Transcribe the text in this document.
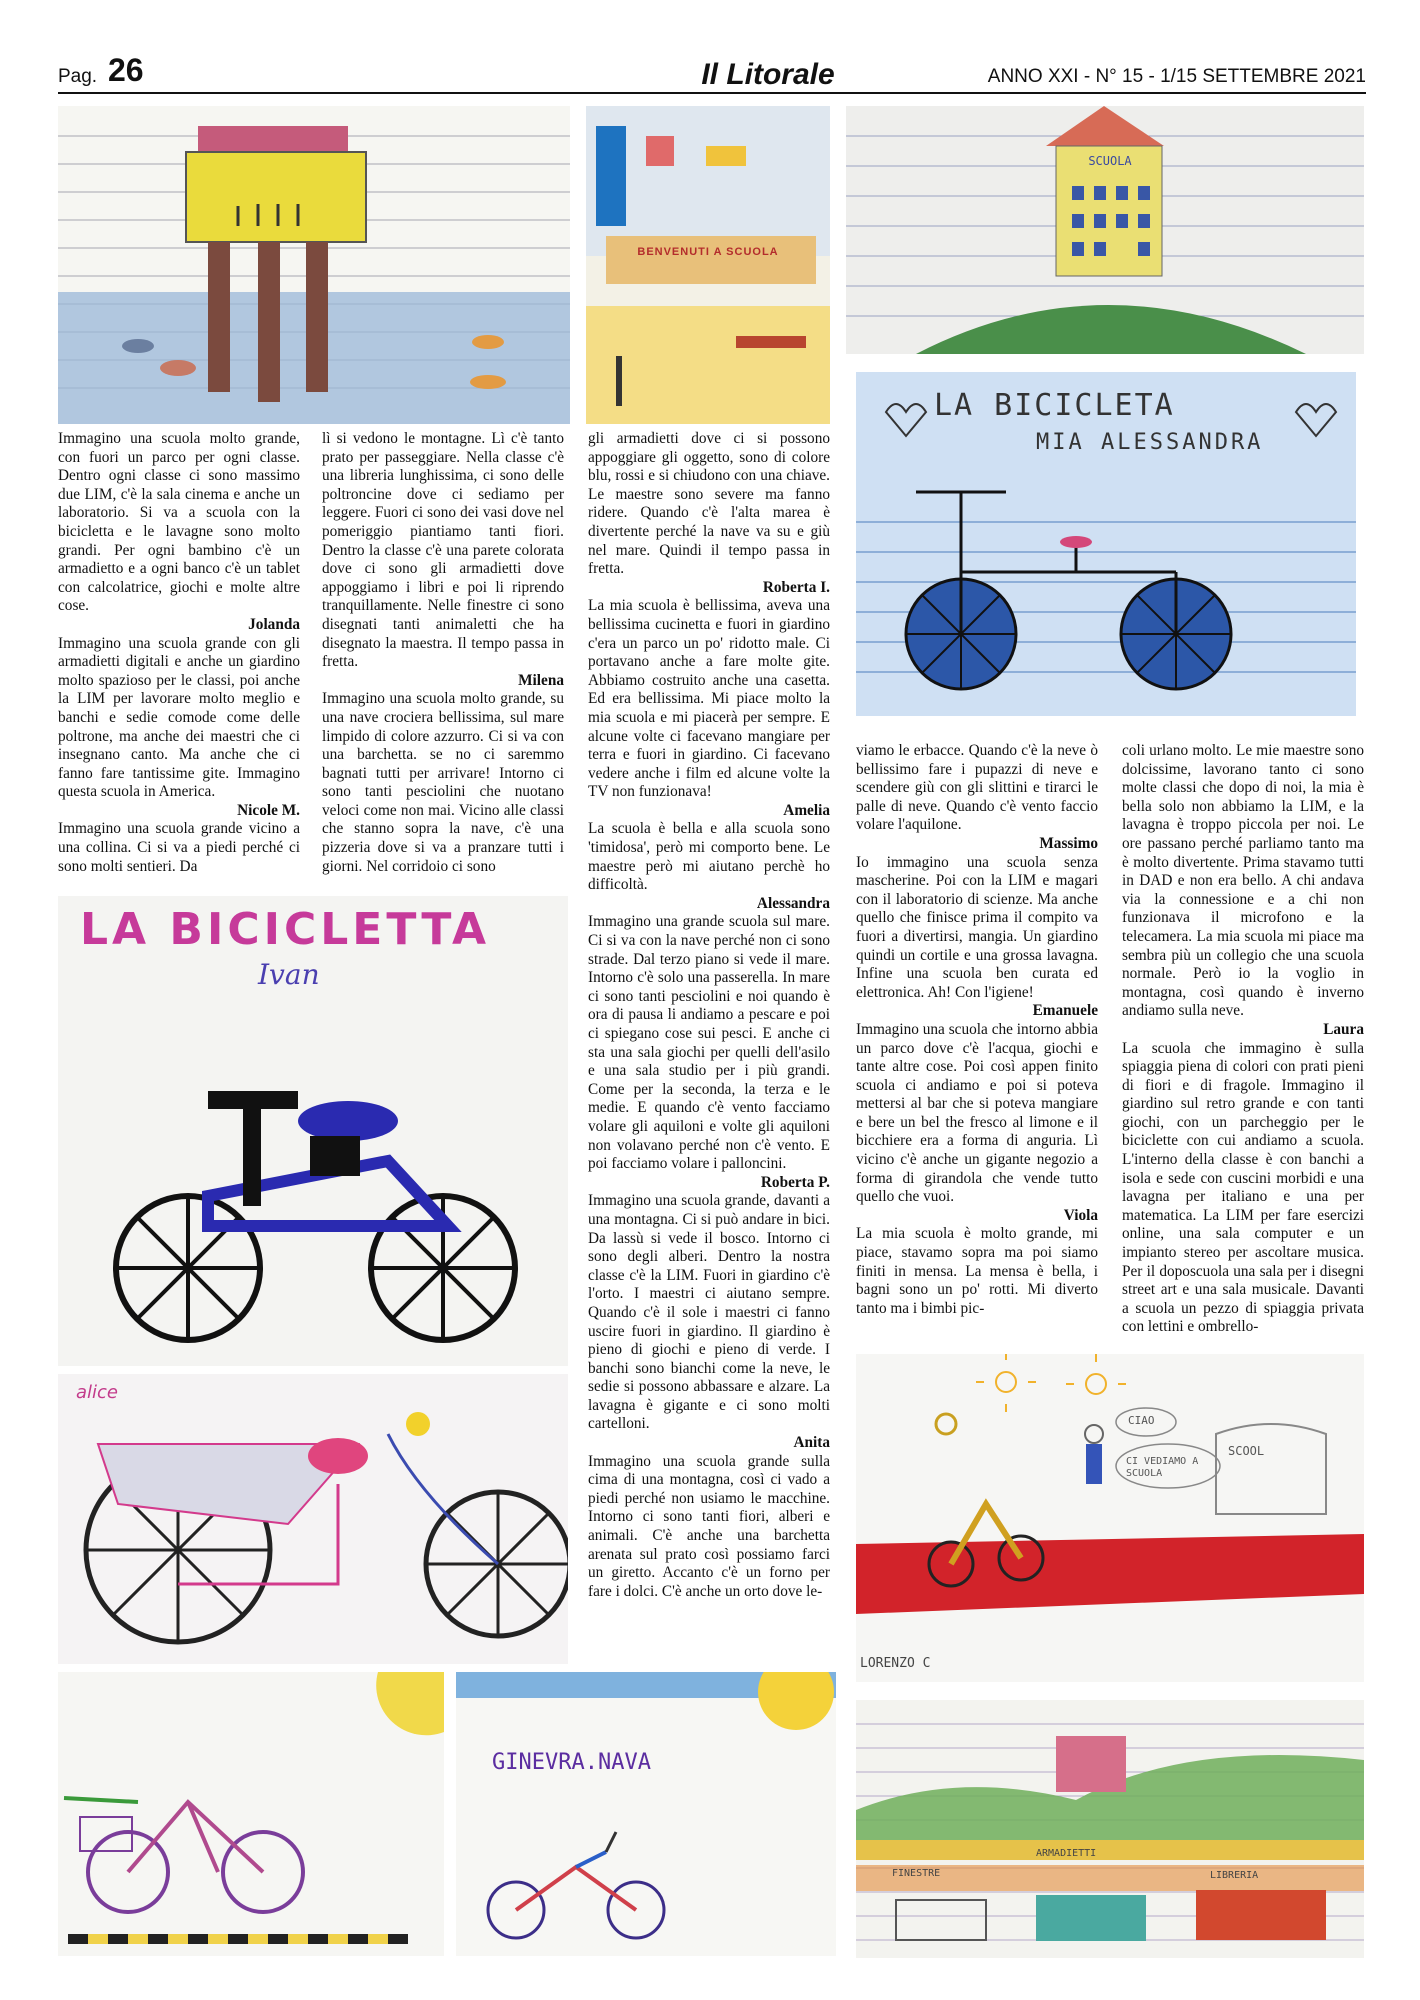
Pag. 26	Il Litorale	ANNO XXI - N° 15 - 1/15 SETTEMBRE 2021
BENVENUTI A SCUOLA
SCUOLA
LA BICICLETA
MIA ALESSANDRA
LA BICICLETTA
Ivan
alice
GINEVRA.NAVA
CIAO
CI VEDIAMO A SCUOLA
SCOOL
LORENZO C
FINESTRE
ARMADIETTI
LIBRERIA

Immagino una scuola molto grande, con fuori un parco per ogni classe. Dentro ogni classe ci sono massimo due LIM, c'è la sala cinema e anche un laboratorio. Si va a scuola con la bicicletta e le lavagne sono molto grandi. Per ogni bambino c'è un armadietto e a ogni banco c'è un tablet con calcolatrice, giochi e molte altre cose.

Jolanda

Immagino una scuola grande con gli armadietti digitali e anche un giardino molto spazioso per le classi, poi anche la LIM per lavorare molto meglio e banchi e sedie comode come delle poltrone, ma anche dei maestri che ci insegnano canto. Ma anche che ci fanno fare tantissime gite. Immagino questa scuola in America.

Nicole M.

Immagino una scuola grande vicino a una collina. Ci si va a piedi perché ci sono molti sentieri. Da

lì si vedono le montagne. Lì c'è tanto prato per passeggiare. Nella classe c'è una libreria lunghissima, ci sono delle poltroncine dove ci sediamo per leggere. Fuori ci sono dei vasi dove nel pomeriggio piantiamo tanti fiori. Dentro la classe c'è una parete colorata dove ci sono gli armadietti dove appoggiamo i libri e poi li riprendo tranquillamente. Nelle finestre ci sono disegnati tanti animaletti che ha disegnato la maestra. Il tempo passa in fretta.

Milena

Immagino una scuola molto grande, su una nave crociera bellissima, sul mare limpido di colore azzurro. Ci si va con una barchetta. se no ci saremmo bagnati tutti per arrivare! Intorno ci sono tanti pesciolini che nuotano veloci come non mai. Vicino alle classi che stanno sopra la nave, c'è una pizzeria dove si va a pranzare tutti i giorni. Nel corridoio ci sono

gli armadietti dove ci si possono appoggiare gli oggetto, sono di colore blu, rossi e si chiudono con una chiave. Le maestre sono severe ma fanno ridere. Quando c'è l'alta marea è divertente perché la nave va su e giù nel mare. Quindi il tempo passa in fretta.

Roberta I.

La mia scuola è bellissima, aveva una bellissima cucinetta e fuori in giardino c'era un parco un po' ridotto male. Ci portavano anche a fare molte gite. Abbiamo costruito anche una casetta. Ed era bellissima. Mi piace molto la mia scuola e mi piacerà per sempre. E alcune volte ci facevano mangiare per terra e fuori in giardino. Ci facevano vedere anche i film ed alcune volte la TV non funzionava!

Amelia

La scuola è bella e alla scuola sono 'timidosa', però mi comporto bene. Le maestre però mi aiutano perchè ho difficoltà.

Alessandra

Immagino una grande scuola sul mare. Ci si va con la nave perché non ci sono strade. Dal terzo piano si vede il mare. Intorno c'è solo una passerella. In mare ci sono tanti pesciolini e noi quando è ora di pausa li andiamo a pescare e poi ci spiegano cose sui pesci. E anche ci sta una sala giochi per quelli dell'asilo e una sala studio per i più grandi. Come per la seconda, la terza e le medie. E quando c'è vento facciamo volare gli aquiloni e volte gli aquiloni non volavano perché non c'è vento. E poi facciamo volare i palloncini.

Roberta P.

Immagino una scuola grande, davanti a una montagna. Ci si può andare in bici. Da lassù si vede il bosco. Intorno ci sono degli alberi. Dentro la nostra classe c'è la LIM. Fuori in giardino c'è l'orto. I maestri ci aiutano sempre. Quando c'è il sole i maestri ci fanno uscire fuori in giardino. Il giardino è pieno di giochi e pieno di verde. I banchi sono bianchi come la neve, le sedie si possono abbassare e alzare. La lavagna è gigante e ci sono molti cartelloni.

Anita

Immagino una scuola grande sulla cima di una montagna, così ci vado a piedi perché non usiamo le macchine. Intorno ci sono tanti fiori, alberi e animali. C'è anche una barchetta arenata sul prato così possiamo farci un giretto. Accanto c'è un forno per fare i dolci. C'è anche un orto dove le-

viamo le erbacce. Quando c'è la neve ò bellissimo fare i pupazzi di neve e scendere giù con gli slittini e tirarci le palle di neve. Quando c'è vento faccio volare l'aquilone.

Massimo

Io immagino una scuola senza mascherine. Poi con la LIM e magari con il laboratorio di scienze. Ma anche quello che finisce prima il compito va fuori a divertirsi, mangia. Un giardino quindi un cortile e una grossa lavagna. Infine una scuola ben curata ed elettronica. Ah! Con l'igiene!

Emanuele

Immagino una scuola che intorno abbia un parco dove c'è l'acqua, giochi e tante altre cose. Poi così appen finito scuola ci andiamo e poi si poteva mettersi al bar che si poteva mangiare e bere un bel the fresco al limone e il bicchiere era a forma di anguria. Lì vicino c'è anche un gigante negozio a forma di girandola che vende tutto quello che vuoi.

Viola

La mia scuola è molto grande, mi piace, stavamo sopra ma poi siamo finiti in mensa. La mensa è bella, i bagni sono un po' rotti. Mi diverto tanto ma i bimbi pic-

coli urlano molto. Le mie maestre sono dolcissime, lavorano tanto ci sono molte classi che dopo di noi, la mia è bella solo non abbiamo la LIM, e la lavagna è troppo piccola per noi. Le ore passano perché parliamo tanto ma è molto divertente. Prima stavamo tutti in DAD e non era bello. A chi andava via la connessione e a chi non funzionava il microfono e la telecamera. La mia scuola mi piace ma sembra più un collegio che una scuola normale. Però io la voglio in montagna, così quando è inverno andiamo sulla neve.

Laura

La scuola che immagino è sulla spiaggia piena di colori con prati pieni di fiori e di fragole. Immagino il giardino sul retro grande e con tanti giochi, con un parcheggio per le biciclette con cui andiamo a scuola. L'interno della classe è con banchi a isola e sede con cuscini morbidi e una lavagna per italiano e una per matematica. La LIM per fare esercizi online, una sala computer e un impianto stereo per ascoltare musica. Per il doposcuola una sala per i disegni street art e una sala musicale. Davanti a scuola un pezzo di spiaggia privata con lettini e ombrello-
